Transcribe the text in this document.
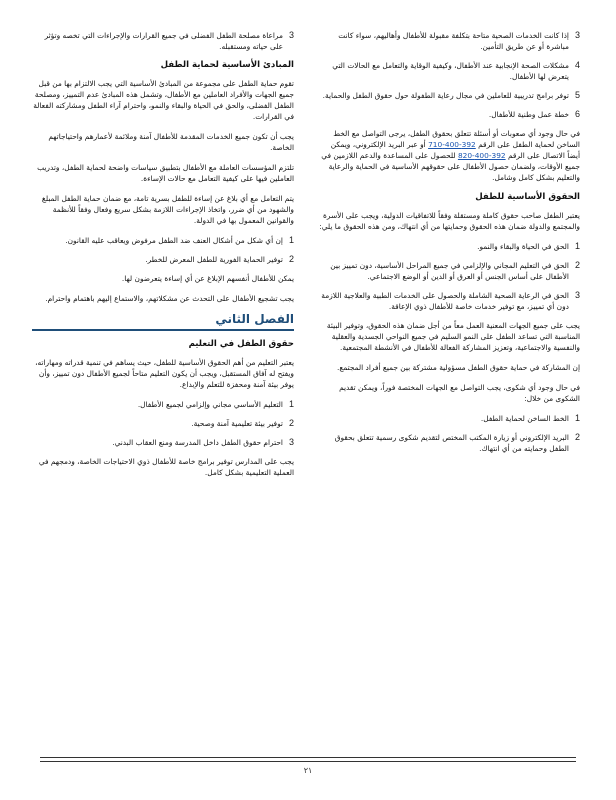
3
إذا كانت الخدمات الصحية متاحة بتكلفة مقبولة للأطفال وأهاليهم، سواء كانت مباشرة أو عن طريق التأمين.
4
مشكلات الصحة الإنجابية عند الأطفال، وكيفية الوقاية والتعامل مع الحالات التي يتعرض لها الأطفال.
5
توفر برامج تدريبية للعاملين في مجال رعاية الطفولة حول حقوق الطفل والحماية.
6
خطة عمل وطنية للأطفال.

في حال وجود أي صعوبات أو أسئلة تتعلق بحقوق الطفل، يرجى التواصل مع الخط الساخن لحماية الطفل على الرقم 392-400-710 أو عبر البريد الإلكتروني، ويمكن أيضاً الاتصال على الرقم 392-400-820 للحصول على المساعدة والدعم اللازمين في جميع الأوقات، ولضمان حصول الأطفال على حقوقهم الأساسية في الحماية والرعاية والتعليم بشكل كامل وشامل.

الحقوق الأساسية للطفل

يعتبر الطفل صاحب حقوق كاملة ومستقلة وفقاً للاتفاقيات الدولية، ويجب على الأسرة والمجتمع والدولة ضمان هذه الحقوق وحمايتها من أي انتهاك، ومن هذه الحقوق ما يلي:

1
الحق في الحياة والبقاء والنمو.
2
الحق في التعليم المجاني والإلزامي في جميع المراحل الأساسية، دون تمييز بين الأطفال على أساس الجنس أو العرق أو الدين أو الوضع الاجتماعي.
3
الحق في الرعاية الصحية الشاملة والحصول على الخدمات الطبية والعلاجية اللازمة دون أي تمييز، مع توفير خدمات خاصة للأطفال ذوي الإعاقة.

يجب على جميع الجهات المعنية العمل معاً من أجل ضمان هذه الحقوق، وتوفير البيئة المناسبة التي تساعد الطفل على النمو السليم في جميع النواحي الجسدية والعقلية والنفسية والاجتماعية، وتعزيز المشاركة الفعالة للأطفال في الأنشطة المجتمعية.

إن المشاركة في حماية حقوق الطفل مسؤولية مشتركة بين جميع أفراد المجتمع.

في حال وجود أي شكوى، يجب التواصل مع الجهات المختصة فوراً، ويمكن تقديم الشكوى من خلال:

1
الخط الساخن لحماية الطفل.
2
البريد الإلكتروني أو زيارة المكتب المختص لتقديم شكوى رسمية تتعلق بحقوق الطفل وحمايته من أي انتهاك.
3
مراعاة مصلحة الطفل الفضلى في جميع القرارات والإجراءات التي تخصه وتؤثر على حياته ومستقبله.
المبادئ الأساسية لحماية الطفل

تقوم حماية الطفل على مجموعة من المبادئ الأساسية التي يجب الالتزام بها من قبل جميع الجهات والأفراد العاملين مع الأطفال، وتشمل هذه المبادئ عدم التمييز، ومصلحة الطفل الفضلى، والحق في الحياة والبقاء والنمو، واحترام آراء الطفل ومشاركته الفعالة في القرارات.

يجب أن تكون جميع الخدمات المقدمة للأطفال آمنة وملائمة لأعمارهم واحتياجاتهم الخاصة.

تلتزم المؤسسات العاملة مع الأطفال بتطبيق سياسات واضحة لحماية الطفل، وتدريب العاملين فيها على كيفية التعامل مع حالات الإساءة.

يتم التعامل مع أي بلاغ عن إساءة للطفل بسرية تامة، مع ضمان حماية الطفل المبلغ والشهود من أي ضرر، واتخاذ الإجراءات اللازمة بشكل سريع وفعال وفقاً للأنظمة والقوانين المعمول بها في الدولة.

1
إن أي شكل من أشكال العنف ضد الطفل مرفوض ويعاقب عليه القانون.
2
توفير الحماية الفورية للطفل المعرض للخطر.

يمكن للأطفال أنفسهم الإبلاغ عن أي إساءة يتعرضون لها.

يجب تشجيع الأطفال على التحدث عن مشكلاتهم، والاستماع إليهم باهتمام واحترام.

الفصل الثاني
حقوق الطفل في التعليم

يعتبر التعليم من أهم الحقوق الأساسية للطفل، حيث يساهم في تنمية قدراته ومهاراته، ويفتح له آفاق المستقبل، ويجب أن يكون التعليم متاحاً لجميع الأطفال دون تمييز، وأن يوفر بيئة آمنة ومحفزة للتعلم والإبداع.

1
التعليم الأساسي مجاني وإلزامي لجميع الأطفال.
2
توفير بيئة تعليمية آمنة وصحية.
3
احترام حقوق الطفل داخل المدرسة ومنع العقاب البدني.

يجب على المدارس توفير برامج خاصة للأطفال ذوي الاحتياجات الخاصة، ودمجهم في العملية التعليمية بشكل كامل.

٢١
